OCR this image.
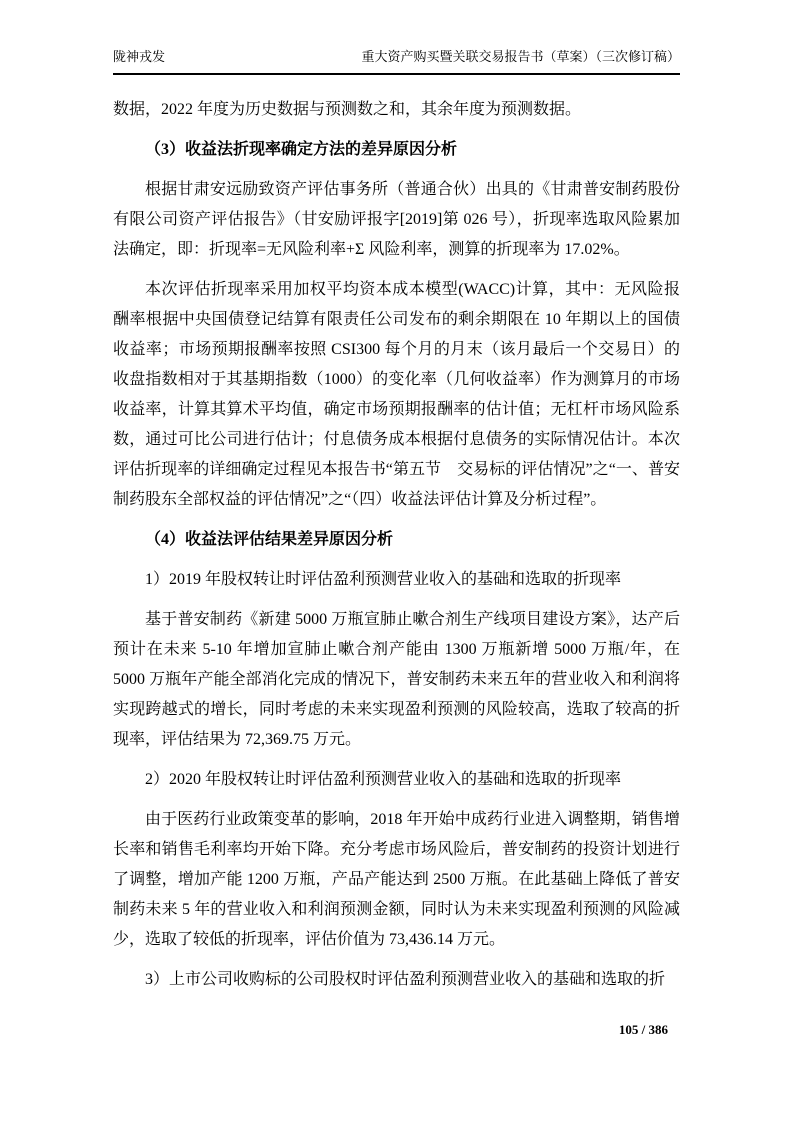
陇神戎发	重大资产购买暨关联交易报告书（草案）（三次修订稿）

数据，2022 年度为历史数据与预测数之和，其余年度为预测数据。

（3）收益法折现率确定方法的差异原因分析

根据甘肃安远励致资产评估事务所（普通合伙）出具的《甘肃普安制药股份有限公司资产评估报告》（甘安励评报字[2019]第 026 号），折现率选取风险累加法确定，即：折现率=无风险利率+Σ 风险利率，测算的折现率为 17.02%。

本次评估折现率采用加权平均资本成本模型(WACC)计算，其中：无风险报酬率根据中央国债登记结算有限责任公司发布的剩余期限在 10 年期以上的国债收益率；市场预期报酬率按照 CSI300 每个月的月末（该月最后一个交易日）的收盘指数相对于其基期指数（1000）的变化率（几何收益率）作为测算月的市场收益率，计算其算术平均值，确定市场预期报酬率的估计值；无杠杆市场风险系数，通过可比公司进行估计；付息债务成本根据付息债务的实际情况估计。本次评估折现率的详细确定过程见本报告书“第五节　交易标的评估情况”之“一、普安制药股东全部权益的评估情况”之“（四）收益法评估计算及分析过程”。

（4）收益法评估结果差异原因分析

1）2019 年股权转让时评估盈利预测营业收入的基础和选取的折现率

基于普安制药《新建 5000 万瓶宣肺止嗽合剂生产线项目建设方案》，达产后预计在未来 5-10 年增加宣肺止嗽合剂产能由 1300 万瓶新增 5000 万瓶/年，在 5000 万瓶年产能全部消化完成的情况下，普安制药未来五年的营业收入和利润将实现跨越式的增长，同时考虑的未来实现盈利预测的风险较高，选取了较高的折现率，评估结果为 72,369.75 万元。

2）2020 年股权转让时评估盈利预测营业收入的基础和选取的折现率

由于医药行业政策变革的影响，2018 年开始中成药行业进入调整期，销售增长率和销售毛利率均开始下降。充分考虑市场风险后，普安制药的投资计划进行了调整，增加产能 1200 万瓶，产品产能达到 2500 万瓶。在此基础上降低了普安制药未来 5 年的营业收入和利润预测金额，同时认为未来实现盈利预测的风险减少，选取了较低的折现率，评估价值为 73,436.14 万元。

3）上市公司收购标的公司股权时评估盈利预测营业收入的基础和选取的折

105 / 386
